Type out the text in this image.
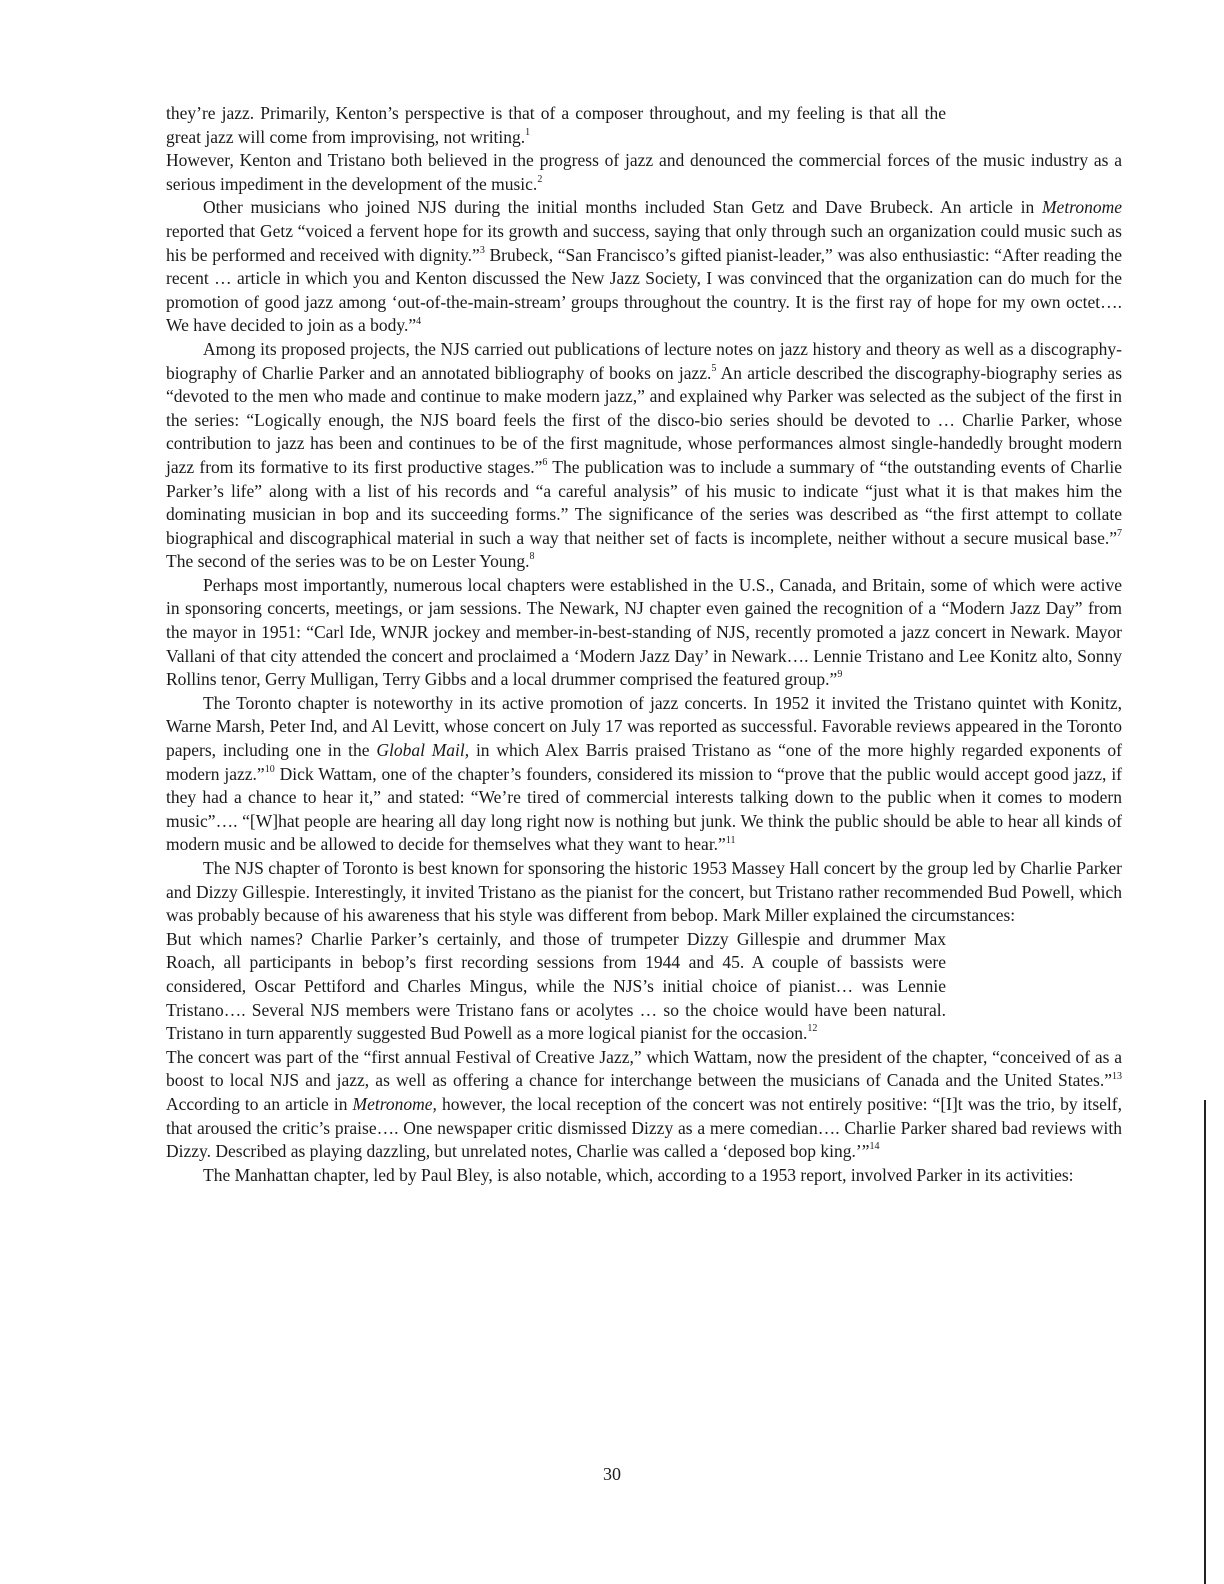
they’re jazz. Primarily, Kenton’s perspective is that of a composer throughout, and my feeling is that all the great jazz will come from improvising, not writing.$^1$

However, Kenton and Tristano both believed in the progress of jazz and denounced the commercial forces of the music industry as a serious impediment in the development of the music.$^2$

Other musicians who joined NJS during the initial months included Stan Getz and Dave Brubeck. An article in Metronome reported that Getz “voiced a fervent hope for its growth and success, saying that only through such an organization could music such as his be performed and received with dignity.”$^3$ Brubeck, “San Francisco’s gifted pianist-leader,” was also enthusiastic: “After reading the recent … article in which you and Kenton discussed the New Jazz Society, I was convinced that the organization can do much for the promotion of good jazz among ‘out-of-the-main-stream’ groups throughout the country. It is the first ray of hope for my own octet…. We have decided to join as a body.”$^4$

Among its proposed projects, the NJS carried out publications of lecture notes on jazz history and theory as well as a discography-biography of Charlie Parker and an annotated bibliography of books on jazz.$^5$ An article described the discography-biography series as “devoted to the men who made and continue to make modern jazz,” and explained why Parker was selected as the subject of the first in the series: “Logically enough, the NJS board feels the first of the disco-bio series should be devoted to … Charlie Parker, whose contribution to jazz has been and continues to be of the first magnitude, whose performances almost single-handedly brought modern jazz from its formative to its first productive stages.”$^6$ The publication was to include a summary of “the outstanding events of Charlie Parker’s life” along with a list of his records and “a careful analysis” of his music to indicate “just what it is that makes him the dominating musician in bop and its succeeding forms.” The significance of the series was described as “the first attempt to collate biographical and discographical material in such a way that neither set of facts is incomplete, neither without a secure musical base.”$^7$ The second of the series was to be on Lester Young.$^8$

Perhaps most importantly, numerous local chapters were established in the U.S., Canada, and Britain, some of which were active in sponsoring concerts, meetings, or jam sessions. The Newark, NJ chapter even gained the recognition of a “Modern Jazz Day” from the mayor in 1951: “Carl Ide, WNJR jockey and member-in-best-standing of NJS, recently promoted a jazz concert in Newark. Mayor Vallani of that city attended the concert and proclaimed a ‘Modern Jazz Day’ in Newark…. Lennie Tristano and Lee Konitz alto, Sonny Rollins tenor, Gerry Mulligan, Terry Gibbs and a local drummer comprised the featured group.”$^9$

The Toronto chapter is noteworthy in its active promotion of jazz concerts. In 1952 it invited the Tristano quintet with Konitz, Warne Marsh, Peter Ind, and Al Levitt, whose concert on July 17 was reported as successful. Favorable reviews appeared in the Toronto papers, including one in the Global Mail, in which Alex Barris praised Tristano as “one of the more highly regarded exponents of modern jazz.”$^{10}$ Dick Wattam, one of the chapter’s founders, considered its mission to “prove that the public would accept good jazz, if they had a chance to hear it,” and stated: “We’re tired of commercial interests talking down to the public when it comes to modern music”…. “[W]hat people are hearing all day long right now is nothing but junk. We think the public should be able to hear all kinds of modern music and be allowed to decide for themselves what they want to hear.”$^{11}$

The NJS chapter of Toronto is best known for sponsoring the historic 1953 Massey Hall concert by the group led by Charlie Parker and Dizzy Gillespie. Interestingly, it invited Tristano as the pianist for the concert, but Tristano rather recommended Bud Powell, which was probably because of his awareness that his style was different from bebop. Mark Miller explained the circumstances:

But which names? Charlie Parker’s certainly, and those of trumpeter Dizzy Gillespie and drummer Max Roach, all participants in bebop’s first recording sessions from 1944 and 45. A couple of bassists were considered, Oscar Pettiford and Charles Mingus, while the NJS’s initial choice of pianist… was Lennie Tristano…. Several NJS members were Tristano fans or acolytes … so the choice would have been natural. Tristano in turn apparently suggested Bud Powell as a more logical pianist for the occasion.$^{12}$

The concert was part of the “first annual Festival of Creative Jazz,” which Wattam, now the president of the chapter, “conceived of as a boost to local NJS and jazz, as well as offering a chance for interchange between the musicians of Canada and the United States.”$^{13}$ According to an article in Metronome, however, the local reception of the concert was not entirely positive: “[I]t was the trio, by itself, that aroused the critic’s praise…. One newspaper critic dismissed Dizzy as a mere comedian…. Charlie Parker shared bad reviews with Dizzy. Described as playing dazzling, but unrelated notes, Charlie was called a ‘deposed bop king.’”$^{14}$

The Manhattan chapter, led by Paul Bley, is also notable, which, according to a 1953 report, involved Parker in its activities:

30
